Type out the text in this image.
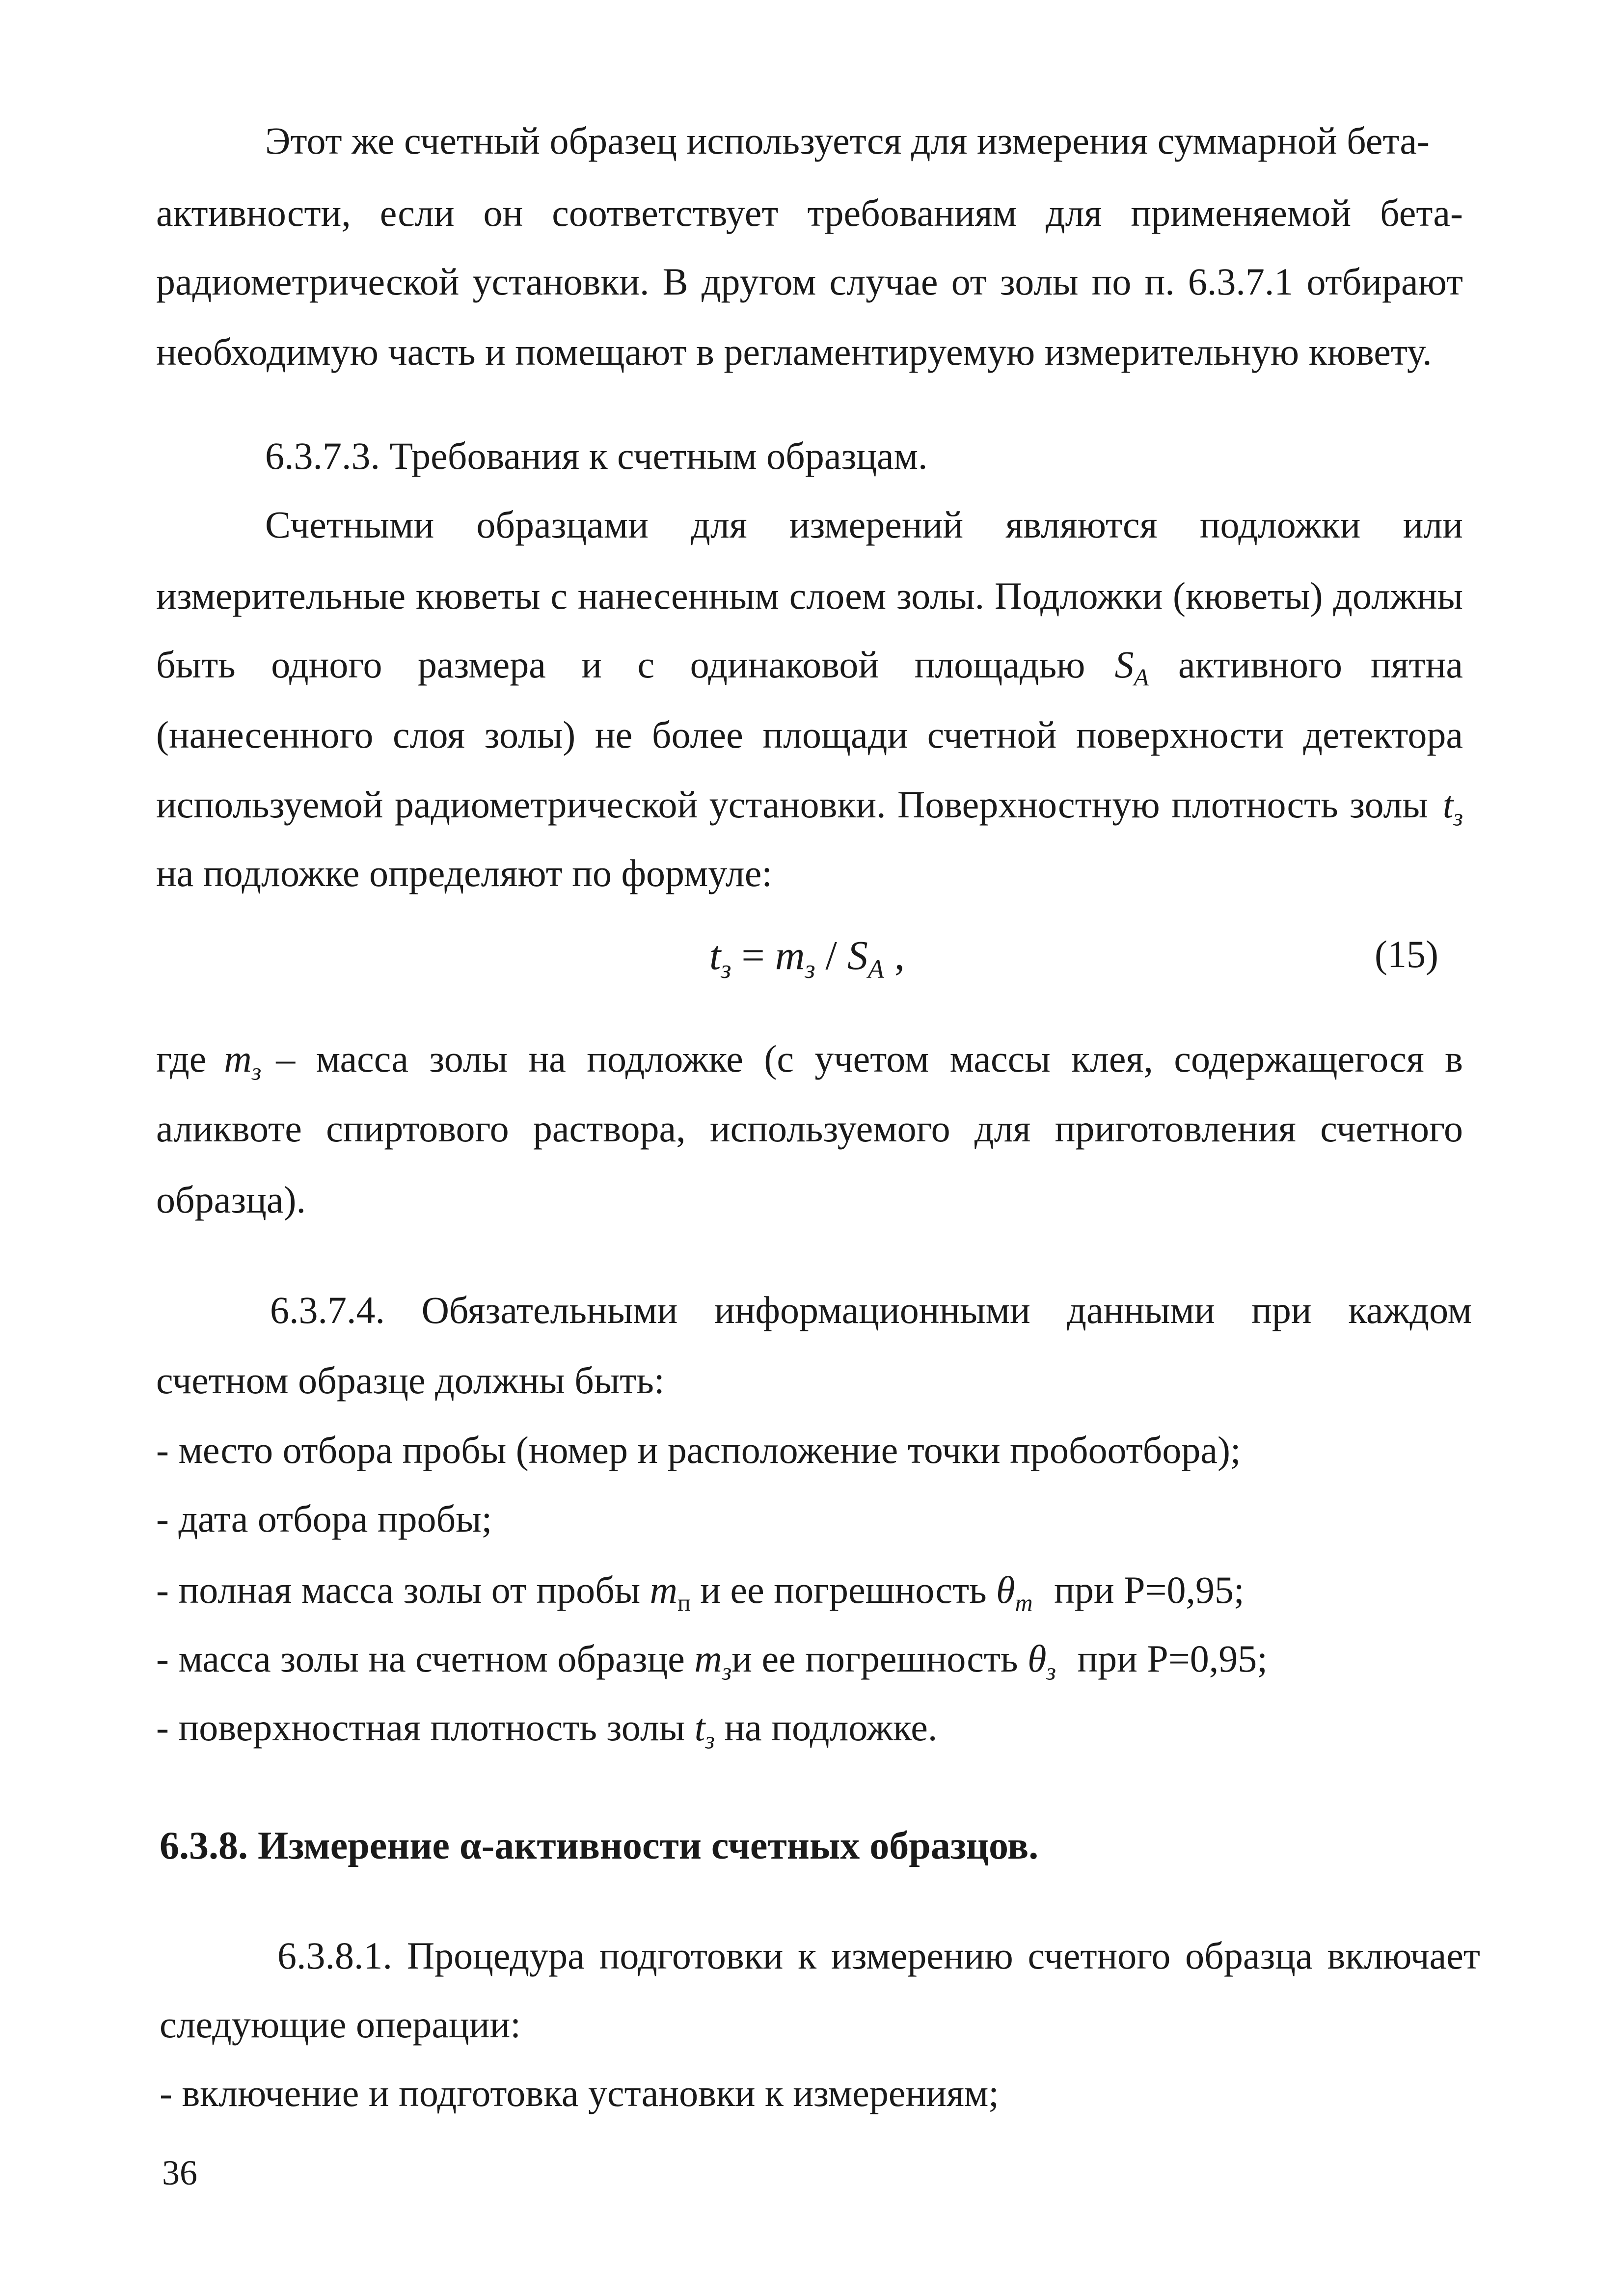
Этот же счетный образец используется для измерения суммарной бета-
активности, если он соответствует требованиям для применяемой бета-
радиометрической установки. В другом случае от золы по п. 6.3.7.1 отбирают
необходимую часть и помещают в регламентируемую измерительную кювету.
6.3.7.3. Требования к счетным образцам.
Счетными образцами для измерений являются подложки или
измерительные кюветы с нанесенным слоем золы. Подложки (кюветы) должны
быть одного размера и с одинаковой площадью $S_A$ активного пятна
(нанесенного слоя золы) не более площади счетной поверхности детектора
используемой радиометрической установки. Поверхностную плотность золы $t_з$
на подложке определяют по формуле:
$t_з = m_з / S_A$ ,	(15)
где $m_з$ – масса золы на подложке (с учетом массы клея, содержащегося в
аликвоте спиртового раствора, используемого для приготовления счетного
образца).
6.3.7.4. Обязательными информационными данными при каждом
счетном образце должны быть:
- место отбора пробы (номер и расположение точки пробоотбора);
- дата отбора пробы;
- полная масса золы от пробы $m_п$ и ее погрешность $\theta_m$ при Р=0,95;
- масса золы на счетном образце $m_зи$ ее погрешность $\theta_з$ при Р=0,95;
- поверхностная плотность золы $t_з$ на подложке.
6.3.8. Измерение α-активности счетных образцов.
6.3.8.1. Процедура подготовки к измерению счетного образца включает
следующие операции:
- включение и подготовка установки к измерениям;
36
